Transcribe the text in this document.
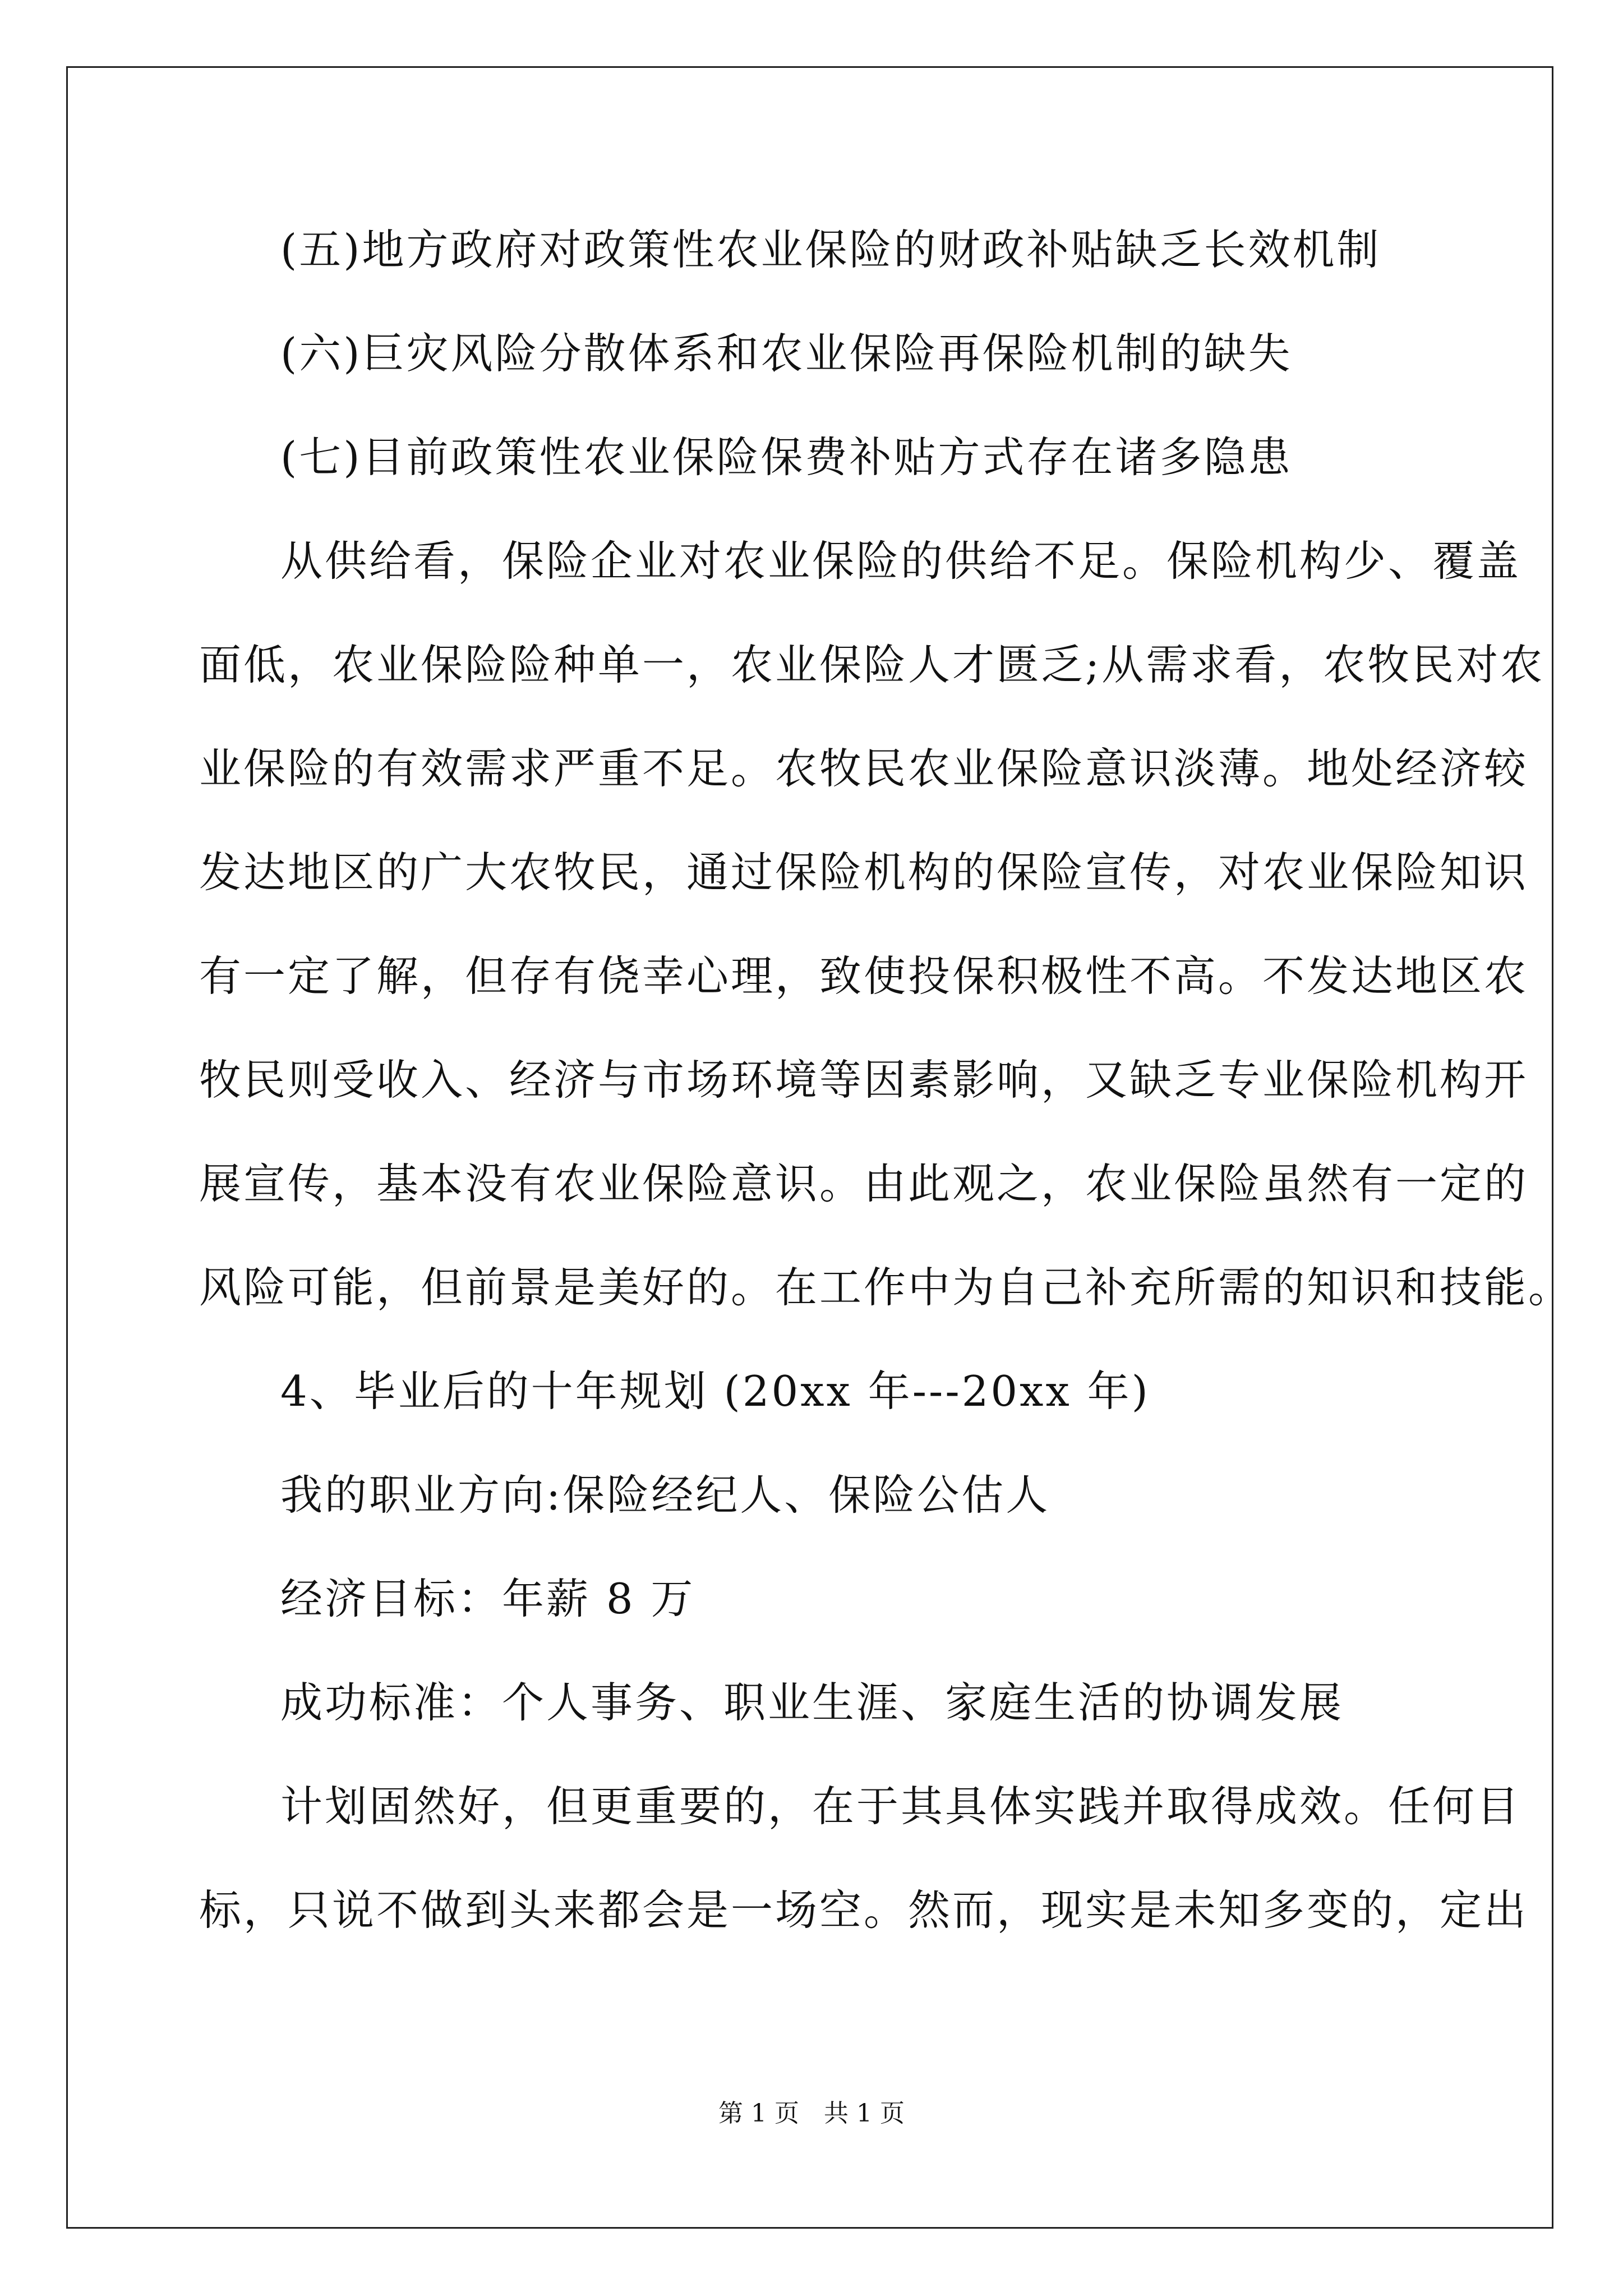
(五)地方政府对政策性农业保险的财政补贴缺乏长效机制
(六)巨灾风险分散体系和农业保险再保险机制的缺失
(七)目前政策性农业保险保费补贴方式存在诸多隐患
从供给看，保险企业对农业保险的供给不足。保险机构少、覆盖
面低，农业保险险种单一，农业保险人才匮乏;从需求看，农牧民对农
业保险的有效需求严重不足。农牧民农业保险意识淡薄。地处经济较
发达地区的广大农牧民，通过保险机构的保险宣传，对农业保险知识
有一定了解，但存有侥幸心理，致使投保积极性不高。不发达地区农
牧民则受收入、经济与市场环境等因素影响，又缺乏专业保险机构开
展宣传，基本没有农业保险意识。由此观之，农业保险虽然有一定的
风险可能，但前景是美好的。在工作中为自己补充所需的知识和技能。
4、毕业后的十年规划 (20xx 年---20xx 年)
我的职业方向:保险经纪人、保险公估人
经济目标：年薪 8 万
成功标准：个人事务、职业生涯、家庭生活的协调发展
计划固然好，但更重要的，在于其具体实践并取得成效。任何目
标，只说不做到头来都会是一场空。然而，现实是未知多变的，定出
第 1 页　共 1 页
